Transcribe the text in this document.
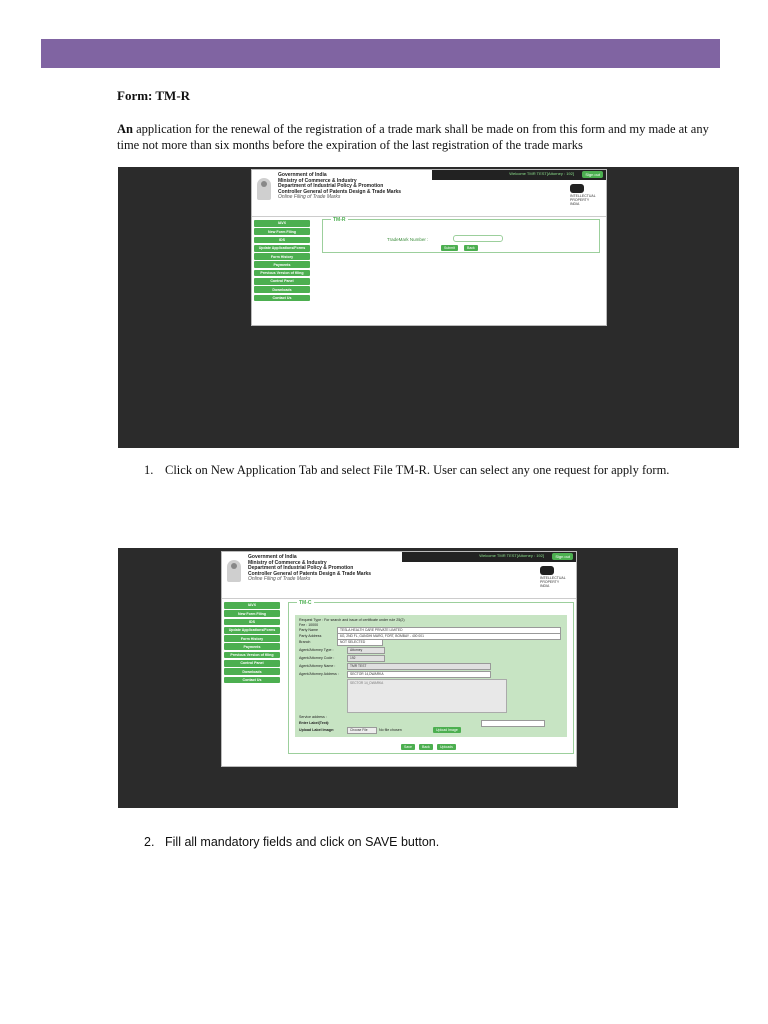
Form: TM-R
An application for the renewal of the registration of a trade mark shall be made on from this form and my made at any time not more than six months before the expiration of the last registration of the trade marks
Welcome TMR TEST[Attorney : 192]	Sign out
Government of India
Ministry of Commerce & Industry
Department of Industrial Policy & Promotion
Controller General of Patents Design & Trade Marks
Online Filing of Trade Marks	INTELLECTUAL PROPERTY INDIA
IAVX
New Form Filing
IDS
Update Applications/Forms
Form History
Payments
Previous Version of filing
Control Panel
Downloads
Contact Us
TM-R
TradeMark Number :
Submit	Back
1. Click on New Application Tab and select File TM-R. User can select any one request for apply form.
Welcome TMR TEST[Attorney : 192]	Sign out
Government of India
Ministry of Commerce & Industry
Department of Industrial Policy & Promotion
Controller General of Patents Design & Trade Marks
Online Filing of Trade Marks	INTELLECTUAL PROPERTY INDIA
IAVX
New Form Filing
IDS
Update Applications/Forms
Form History
Payments
Previous Version of filing
Control Panel
Downloads
Contact Us
TM-C
Request Type : For search and issue of certificate under rule 25(2)
Fee : 10000
Party Name	TESLA HEALTH CARE PRIVATE LIMITED
Party Address	6G, 2ND FL, GANDHI MARG, FORT, BOMBAY - 400 001
Branch	NOT SELECTED
Agent/Attorney Type :	Attorney
Agent/Attorney Code :	192
Agent/Attorney Name :	TMR TEST
Agent/Attorney Address :	SECTOR 14,DWARKA
SECTOR 14_DWARKA
Service address :
Enter Label(Text):
Upload Label Image:	Choose File	No file chosen	Upload Image
Save	Back	Uploads
2. Fill all mandatory fields and click on SAVE button.
